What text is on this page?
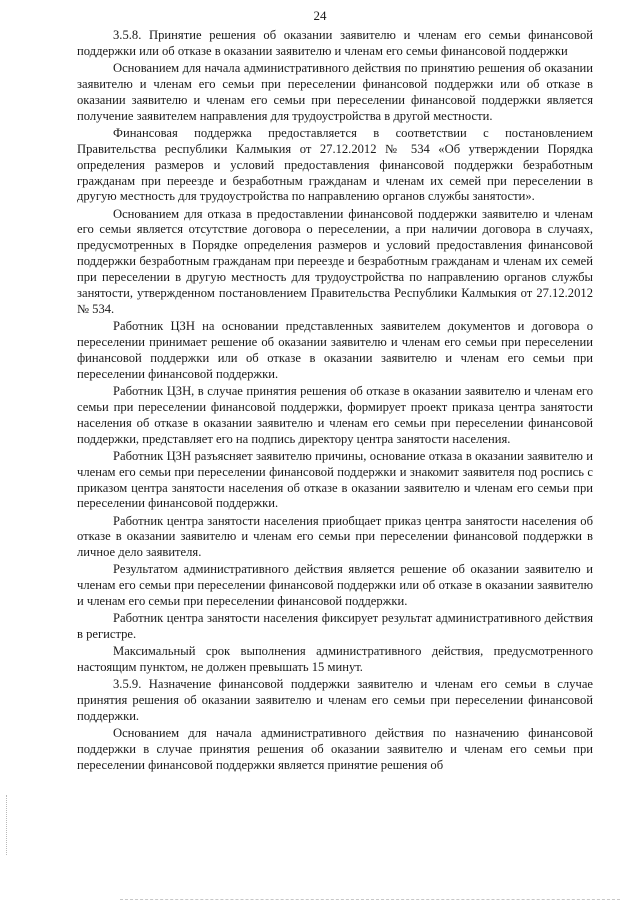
24

3.5.8. Принятие решения об оказании заявителю и членам его семьи финансовой поддержки или об отказе в оказании заявителю и членам его семьи финансовой поддержки

Основанием для начала административного действия по принятию решения об оказании заявителю и членам его семьи при переселении финансовой поддержки или об отказе в оказании заявителю и членам его семьи при переселении финансовой поддержки является получение заявителем направления для трудоустройства в другой местности.

Финансовая поддержка предоставляется в соответствии с постановлением Правительства республики Калмыкия от 27.12.2012 № 534 «Об утверждении Порядка определения размеров и условий предоставления финансовой поддержки безработным гражданам при переезде и безработным гражданам и членам их семей при переселении в другую местность для трудоустройства по направлению органов службы занятости».

Основанием для отказа в предоставлении финансовой поддержки заявителю и членам его семьи является отсутствие договора о переселении, а при наличии договора в случаях, предусмотренных в Порядке определения размеров и условий предоставления финансовой поддержки безработным гражданам при переезде и безработным гражданам и членам их семей при переселении в другую местность для трудоустройства по направлению органов службы занятости, утвержденном постановлением Правительства Республики Калмыкия от 27.12.2012 № 534.

Работник ЦЗН на основании представленных заявителем документов и договора о переселении принимает решение об оказании заявителю и членам его семьи при переселении финансовой поддержки или об отказе в оказании заявителю и членам его семьи при переселении финансовой поддержки.

Работник ЦЗН, в случае принятия решения об отказе в оказании заявителю и членам его семьи при переселении финансовой поддержки, формирует проект приказа центра занятости населения об отказе в оказании заявителю и членам его семьи при переселении финансовой поддержки, представляет его на подпись директору центра занятости населения.

Работник ЦЗН разъясняет заявителю причины, основание отказа в оказании заявителю и членам его семьи при переселении финансовой поддержки и знакомит заявителя под роспись с приказом центра занятости населения об отказе в оказании заявителю и членам его семьи при переселении финансовой поддержки.

Работник центра занятости населения приобщает приказ центра занятости населения об отказе в оказании заявителю и членам его семьи при переселении финансовой поддержки в личное дело заявителя.

Результатом административного действия является решение об оказании заявителю и членам его семьи при переселении финансовой поддержки или об отказе в оказании заявителю и членам его семьи при переселении финансовой поддержки.

Работник центра занятости населения фиксирует результат административного действия в регистре.

Максимальный срок выполнения административного действия, предусмотренного настоящим пунктом, не должен превышать 15 минут.

3.5.9. Назначение финансовой поддержки заявителю и членам его семьи в случае принятия решения об оказании заявителю и членам его семьи при переселении финансовой поддержки.

Основанием для начала административного действия по назначению финансовой поддержки в случае принятия решения об оказании заявителю и членам его семьи при переселении финансовой поддержки является принятие решения об
